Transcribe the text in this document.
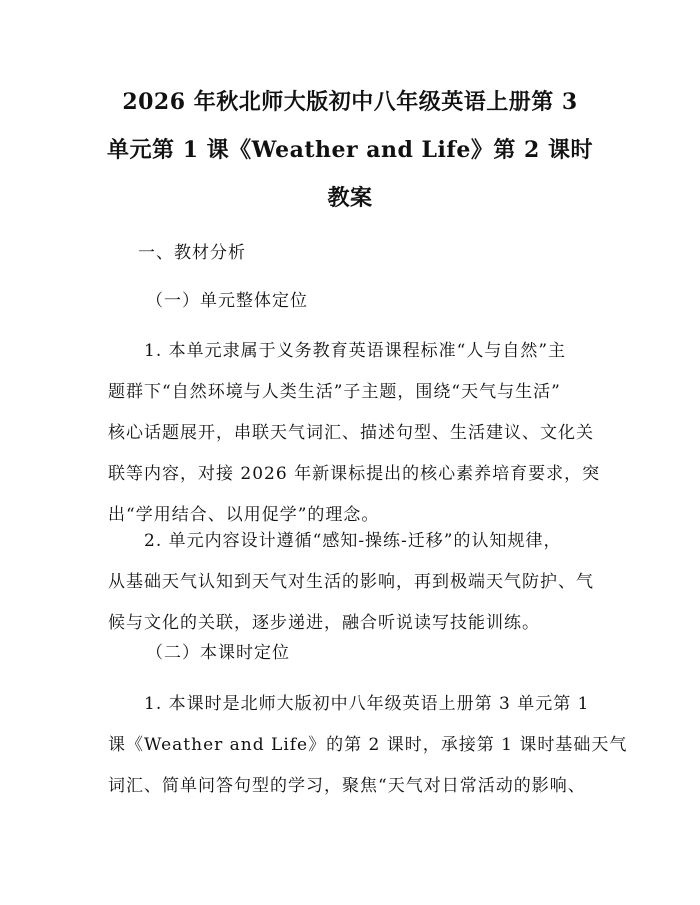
2026 年秋北师大版初中八年级英语上册第 3
单元第 1 课《Weather and Life》第 2 课时
教案
一、教材分析
（一）单元整体定位
　　1. 本单元隶属于义务教育英语课程标准“人与自然”主
题群下“自然环境与人类生活”子主题，围绕“天气与生活”
核心话题展开，串联天气词汇、描述句型、生活建议、文化关
联等内容，对接 2026 年新课标提出的核心素养培育要求，突
出“学用结合、以用促学”的理念。
　　2. 单元内容设计遵循“感知-操练-迁移”的认知规律，
从基础天气认知到天气对生活的影响，再到极端天气防护、气
候与文化的关联，逐步递进，融合听说读写技能训练。
（二）本课时定位
　　1. 本课时是北师大版初中八年级英语上册第 3 单元第 1
课《Weather and Life》的第 2 课时，承接第 1 课时基础天气
词汇、简单问答句型的学习，聚焦“天气对日常活动的影响、
